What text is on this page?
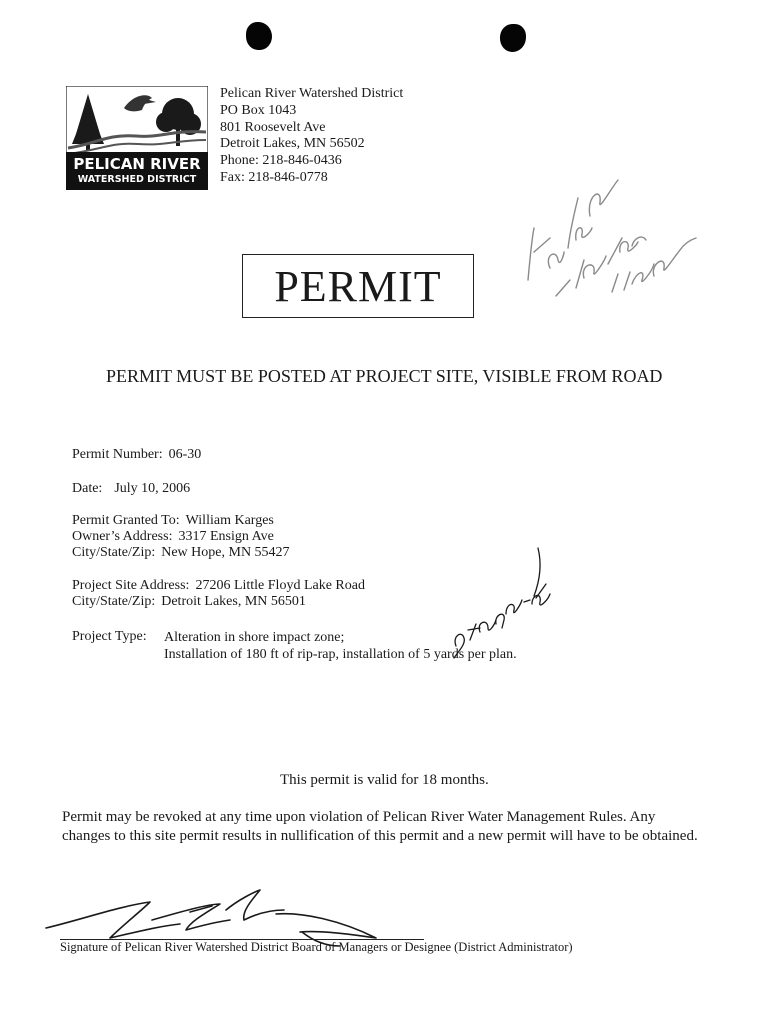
PELICAN RIVER
WATERSHED DISTRICT
Pelican River Watershed District
PO Box 1043
801 Roosevelt Ave
Detroit Lakes, MN 56502
Phone: 218-846-0436
Fax: 218-846-0778
PERMIT
PERMIT MUST BE POSTED AT PROJECT SITE, VISIBLE FROM ROAD
Permit Number: 06-30
Date: July 10, 2006
Permit Granted To: William Karges
Owner’s Address: 3317 Ensign Ave
City/State/Zip: New Hope, MN 55427
Project Site Address: 27206 Little Floyd Lake Road
City/State/Zip: Detroit Lakes, MN 56501
Project Type: Alteration in shore impact zone;
Installation of 180 ft of rip-rap, installation of 5 yards per plan.
This permit is valid for 18 months.
Permit may be revoked at any time upon violation of Pelican River Water Management Rules. Any changes to this site permit results in nullification of this permit and a new permit will have to be obtained.
Signature of Pelican River Watershed District Board of Managers or Designee (District Administrator)
